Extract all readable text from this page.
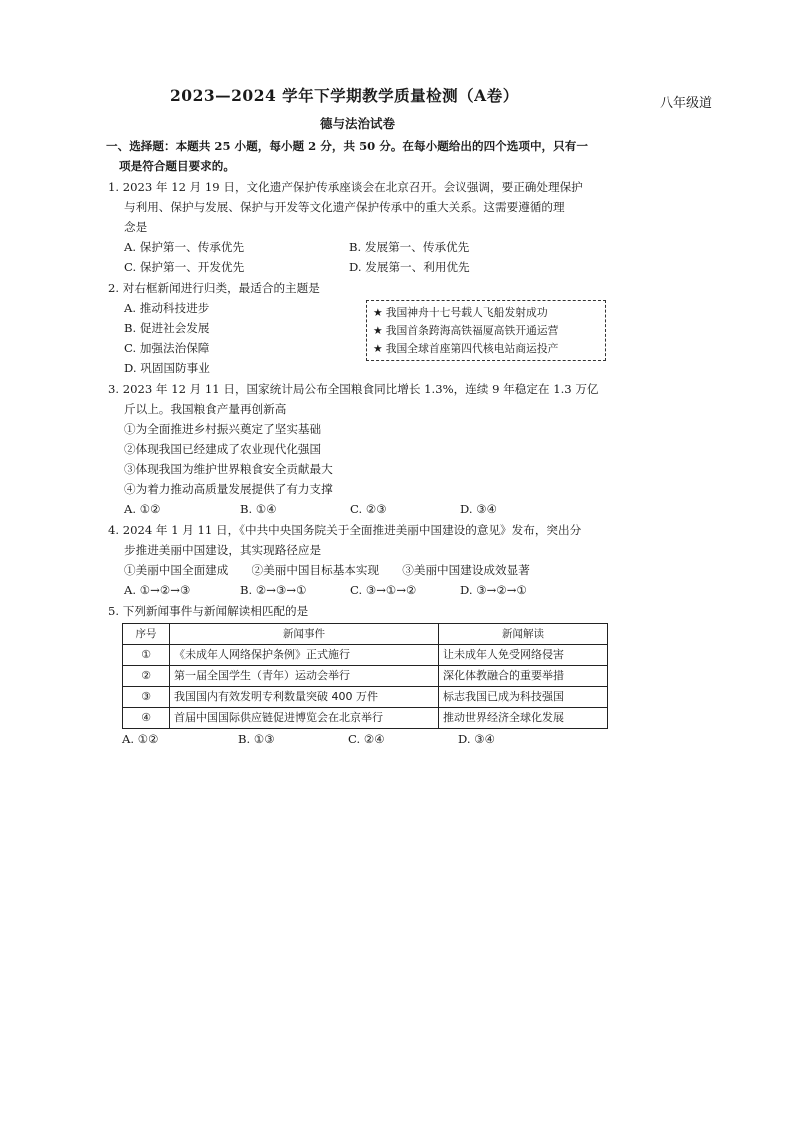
八年级道
2023—2024 学年下学期教学质量检测（A卷）
德与法治试卷
一、选择题：本题共 25 小题，每小题 2 分，共 50 分。在每小题给出的四个选项中，只有一
项是符合题目要求的。
1. 2023 年 12 月 19 日，文化遗产保护传承座谈会在北京召开。会议强调，要正确处理保护
与利用、保护与发展、保护与开发等文化遗产保护传承中的重大关系。这需要遵循的理
念是
A. 保护第一、传承优先	B. 发展第一、传承优先
C. 保护第一、开发优先	D. 发展第一、利用优先
2. 对右框新闻进行归类，最适合的主题是
A. 推动科技进步
B. 促进社会发展
C. 加强法治保障
D. 巩固国防事业
★ 我国神舟十七号载人飞船发射成功
★ 我国首条跨海高铁福厦高铁开通运营
★ 我国全球首座第四代核电站商运投产
3. 2023 年 12 月 11 日，国家统计局公布全国粮食同比增长 1.3%，连续 9 年稳定在 1.3 万亿
斤以上。我国粮食产量再创新高
①为全面推进乡村振兴奠定了坚实基础
②体现我国已经建成了农业现代化强国
③体现我国为维护世界粮食安全贡献最大
④为着力推动高质量发展提供了有力支撑
A. ①②	B. ①④	C. ②③	D. ③④
4. 2024 年 1 月 11 日，《中共中央国务院关于全面推进美丽中国建设的意见》发布，突出分
步推进美丽中国建设，其实现路径应是
①美丽中国全面建成　　②美丽中国目标基本实现　　③美丽中国建设成效显著
A. ①→②→③	B. ②→③→①	C. ③→①→②	D. ③→②→①
5. 下列新闻事件与新闻解读相匹配的是
序号	新闻事件	新闻解读
①	《未成年人网络保护条例》正式施行	让未成年人免受网络侵害
②	第一届全国学生（青年）运动会举行	深化体教融合的重要举措
③	我国国内有效发明专利数量突破 400 万件	标志我国已成为科技强国
④	首届中国国际供应链促进博览会在北京举行	推动世界经济全球化发展
A. ①②	B. ①③	C. ②④	D. ③④
